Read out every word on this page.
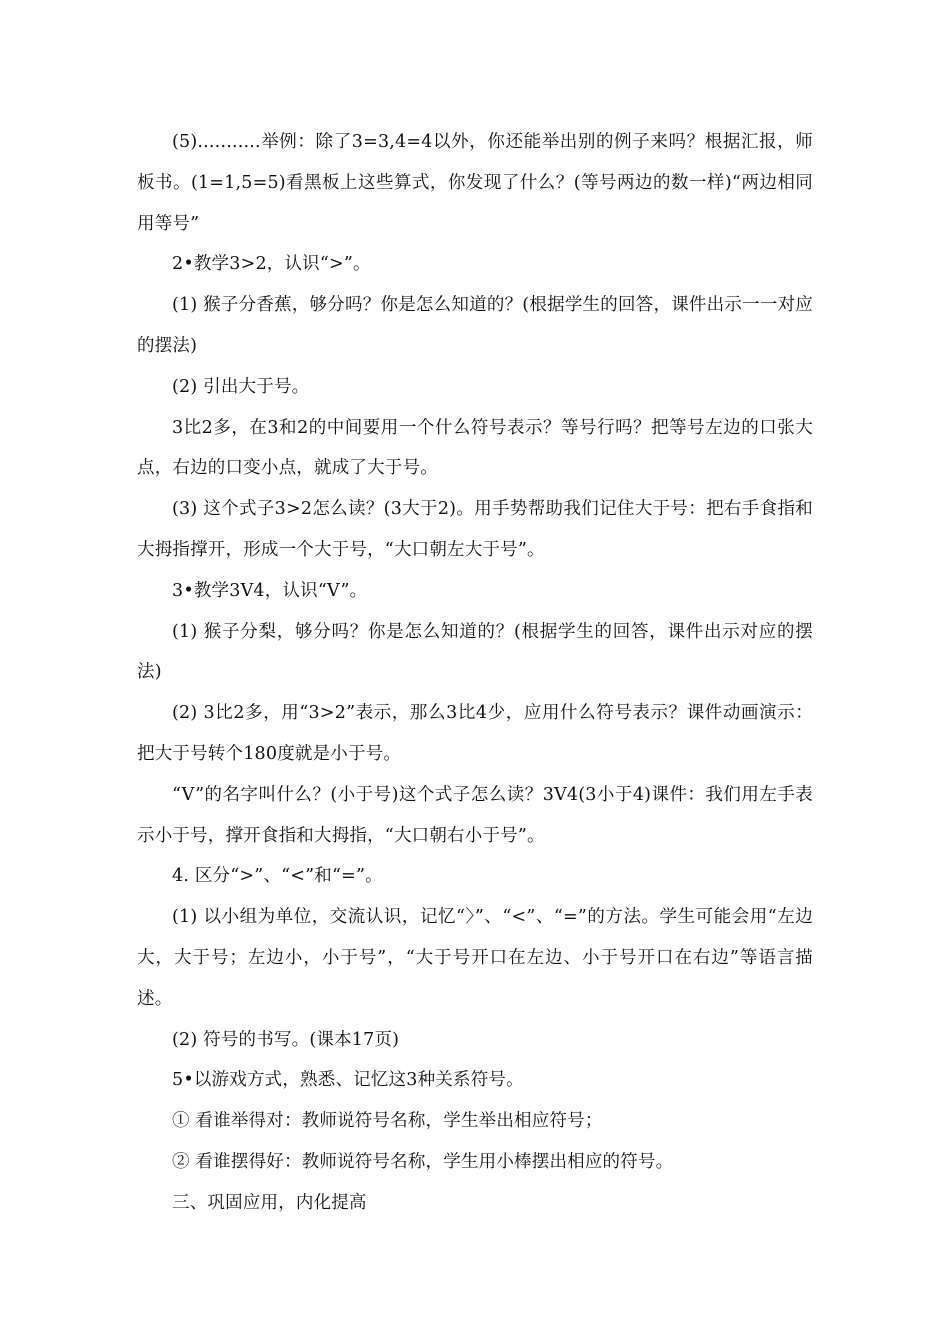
(5)...........举例：除了3=3,4=4以外，你还能举出别的例子来吗？根据汇报，师板书。(1=1,5=5)看黑板上这些算式，你发现了什么？(等号两边的数一样)“两边相同用等号”

2•教学3>2，认识“>”。

(1) 猴子分香蕉，够分吗？你是怎么知道的？(根据学生的回答，课件出示一一对应的摆法)

(2) 引出大于号。

3比2多，在3和2的中间要用一个什么符号表示？等号行吗？把等号左边的口张大点，右边的口变小点，就成了大于号。

(3) 这个式子3>2怎么读？(3大于2)。用手势帮助我们记住大于号：把右手食指和大拇指撑开，形成一个大于号，“大口朝左大于号”。

3•教学3V4，认识“V”。

(1) 猴子分梨，够分吗？你是怎么知道的？(根据学生的回答，课件出示对应的摆法)

(2) 3比2多，用“3>2”表示，那么3比4少，应用什么符号表示？课件动画演示：把大于号转个180度就是小于号。

“V”的名字叫什么？(小于号)这个式子怎么读？3V4(3小于4)课件：我们用左手表示小于号，撑开食指和大拇指，“大口朝右小于号”。

4. 区分“>”、“<”和“=”。

(1) 以小组为单位，交流认识，记忆“〉”、“<”、“=”的方法。学生可能会用“左边大，大于号；左边小，小于号”，“大于号开口在左边、小于号开口在右边”等语言描述。

(2) 符号的书写。(课本17页)

5•以游戏方式，熟悉、记忆这3种关系符号。

① 看谁举得对：教师说符号名称，学生举出相应符号；

② 看谁摆得好：教师说符号名称，学生用小棒摆出相应的符号。

三、巩固应用，内化提高
